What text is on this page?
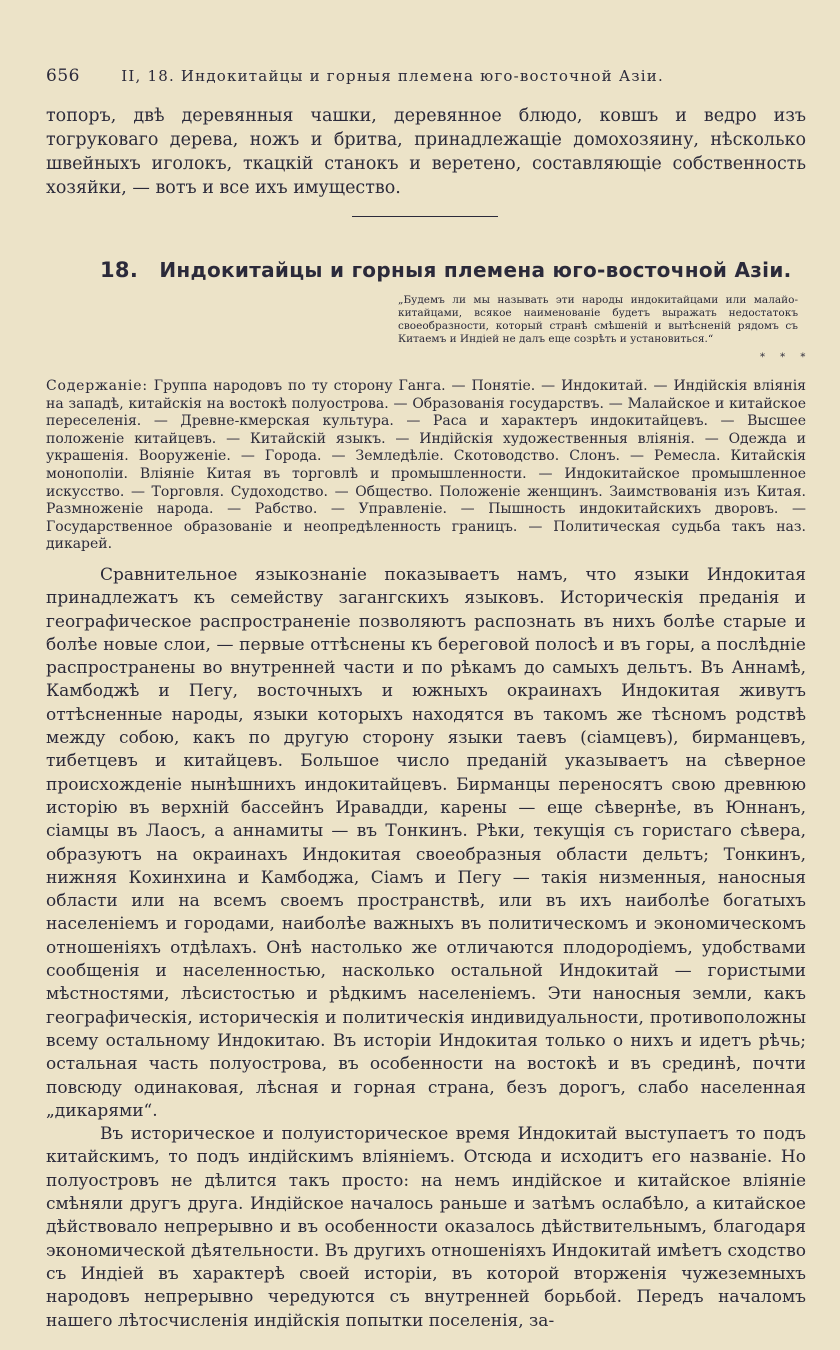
656	II, 18. Индокитайцы и горныя племена юго-восточной Азіи.
топоръ, двѣ деревянныя чашки, деревянное блюдо, ковшъ и ведро изъ тогруковаго дерева, ножъ и бритва, принадлежащіе домохозяину, нѣсколько швейныхъ иголокъ, ткацкій станокъ и веретено, составляющіе собственность хозяйки, — вотъ и все ихъ имущество.
18. Индокитайцы и горныя племена юго-восточной Азіи.
„Будемъ ли мы называть эти народы индокитайцами или малайо-китайцами, всякое наименованіе будетъ выражать недостатокъ своеобразности, который странѣ смѣшеній и вытѣсненій рядомъ съ Китаемъ и Индіей не далъ еще созрѣть и установиться.“
* * *
Содержаніе: Группа народовъ по ту сторону Ганга. — Понятіе. — Индокитай. — Индійскія вліянія на западѣ, китайскія на востокѣ полуострова. — Образованія государствъ. — Малайское и китайское переселенія. — Древне-кмерская культура. — Раса и характеръ индокитайцевъ. — Высшее положеніе китайцевъ. — Китайскій языкъ. — Индійскія художественныя вліянія. — Одежда и украшенія. Вооруженіе. — Города. — Земледѣліе. Скотоводство. Слонъ. — Ремесла. Китайскія монополіи. Вліяніе Китая въ торговлѣ и промышленности. — Индокитайское промышленное искусство. — Торговля. Судоходство. — Общество. Положеніе женщинъ. Заимствованія изъ Китая. Размноженіе народа. — Рабство. — Управленіе. — Пышность индокитайскихъ дворовъ. — Государственное образованіе и неопредѣленность границъ. — Политическая судьба такъ наз. дикарей.

Сравнительное языкознаніе показываетъ намъ, что языки Индокитая принадлежатъ къ семейству загангскихъ языковъ. Историческія преданія и географическое распространеніе позволяютъ распознать въ нихъ болѣе старые и болѣе новые слои, — первые оттѣснены къ береговой полосѣ и въ горы, а послѣдніе распространены во внутренней части и по рѣкамъ до самыхъ дельтъ. Въ Аннамѣ, Камбоджѣ и Пегу, восточныхъ и южныхъ окраинахъ Индокитая живутъ оттѣсненные народы, языки которыхъ находятся въ такомъ же тѣсномъ родствѣ между собою, какъ по другую сторону языки таевъ (сіамцевъ), бирманцевъ, тибетцевъ и китайцевъ. Большое число преданій указываетъ на сѣверное происхожденіе нынѣшнихъ индокитайцевъ. Бирманцы переносятъ свою древнюю исторію въ верхній бассейнъ Иравадди, карены — еще сѣвернѣе, въ Юннанъ, сіамцы въ Лаосъ, а аннамиты — въ Тонкинъ. Рѣки, текущія съ гористаго сѣвера, образуютъ на окраинахъ Индокитая своеобразныя области дельтъ; Тонкинъ, нижняя Кохинхина и Камбоджа, Сіамъ и Пегу — такія низменныя, наносныя области или на всемъ своемъ пространствѣ, или въ ихъ наиболѣе богатыхъ населеніемъ и городами, наиболѣе важныхъ въ политическомъ и экономическомъ отношеніяхъ отдѣлахъ. Онѣ настолько же отличаются плодородіемъ, удобствами сообщенія и населенностью, насколько остальной Индокитай — гористыми мѣстностями, лѣсистостью и рѣдкимъ населеніемъ. Эти наносныя земли, какъ географическія, историческія и политическія индивидуальности, противоположны всему остальному Индокитаю. Въ исторіи Индокитая только о нихъ и идетъ рѣчь; остальная часть полуострова, въ особенности на востокѣ и въ срединѣ, почти повсюду одинаковая, лѣсная и горная страна, безъ дорогъ, слабо населенная „дикарями“.

Въ историческое и полуисторическое время Индокитай выступаетъ то подъ китайскимъ, то подъ индійскимъ вліяніемъ. Отсюда и исходитъ его названіе. Но полуостровъ не дѣлится такъ просто: на немъ индійское и китайское вліяніе смѣняли другъ друга. Индійское началось раньше и затѣмъ ослабѣло, а китайское дѣйствовало непрерывно и въ особенности оказалось дѣйствительнымъ, благодаря экономической дѣятельности. Въ другихъ отношеніяхъ Индокитай имѣетъ сходство съ Индіей въ характерѣ своей исторіи, въ которой вторженія чужеземныхъ народовъ непрерывно чередуются съ внутренней борьбой. Передъ началомъ нашего лѣтосчисленія индійскія попытки поселенія, за-
